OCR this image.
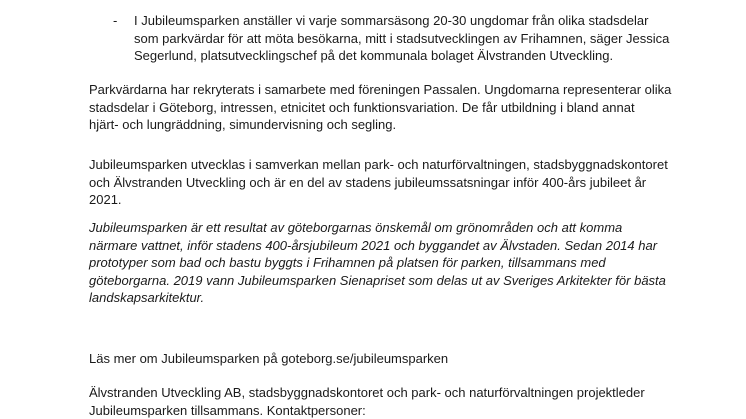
-	I Jubileumsparken anställer vi varje sommarsäsong 20-30 ungdomar från olika stadsdelar
som parkvärdar för att möta besökarna, mitt i stadsutvecklingen av Frihamnen, säger Jessica
Segerlund, platsutvecklingschef på det kommunala bolaget Älvstranden Utveckling.
Parkvärdarna har rekryterats i samarbete med föreningen Passalen. Ungdomarna representerar olika
stadsdelar i Göteborg, intressen, etnicitet och funktionsvariation. De får utbildning i bland annat
hjärt- och lungräddning, simundervisning och segling.
Jubileumsparken utvecklas i samverkan mellan park- och naturförvaltningen, stadsbyggnadskontoret
och Älvstranden Utveckling och är en del av stadens jubileumssatsningar inför 400-års jubileet år
2021.
Jubileumsparken är ett resultat av göteborgarnas önskemål om grönområden och att komma
närmare vattnet, inför stadens 400-årsjubileum 2021 och byggandet av Älvstaden. Sedan 2014 har
prototyper som bad och bastu byggts i Frihamnen på platsen för parken, tillsammans med
göteborgarna. 2019 vann Jubileumsparken Sienapriset som delas ut av Sveriges Arkitekter för bästa
landskapsarkitektur.
Läs mer om Jubileumsparken på goteborg.se/jubileumsparken
Älvstranden Utveckling AB, stadsbyggnadskontoret och park- och naturförvaltningen projektleder
Jubileumsparken tillsammans. Kontaktpersoner:
